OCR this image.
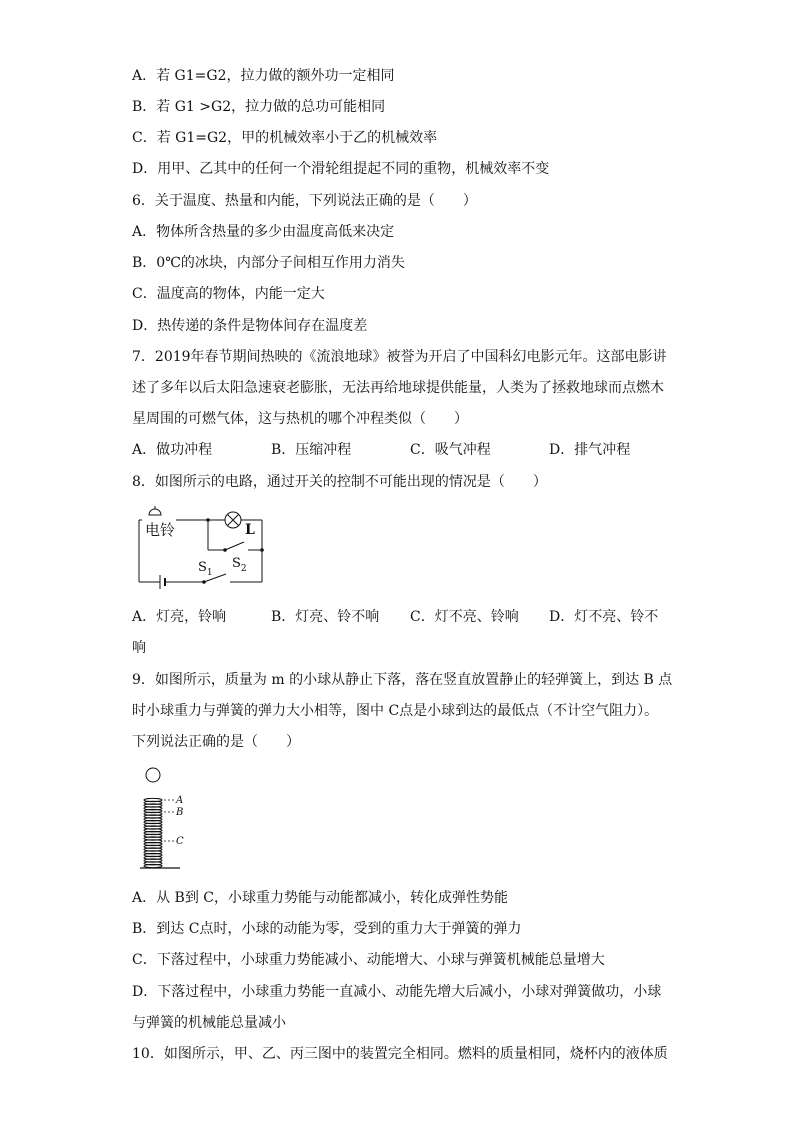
A．若 G1=G2，拉力做的额外功一定相同
B．若 G1 >G2，拉力做的总功可能相同
C．若 G1=G2，甲的机械效率小于乙的机械效率
D．用甲、乙其中的任何一个滑轮组提起不同的重物，机械效率不变
6．关于温度、热量和内能，下列说法正确的是（　　）
A．物体所含热量的多少由温度高低来决定
B．0℃的冰块，内部分子间相互作用力消失
C．温度高的物体，内能一定大
D．热传递的条件是物体间存在温度差
7．2019年春节期间热映的《流浪地球》被誉为开启了中国科幻电影元年。这部电影讲
述了多年以后太阳急速衰老膨胀，无法再给地球提供能量，人类为了拯救地球而点燃木
星周围的可燃气体，这与热机的哪个冲程类似（　　）
A．做功冲程	B．压缩冲程	C．吸气冲程	D．排气冲程
8．如图所示的电路，通过开关的控制不可能出现的情况是（　　）
电铃	L
$S_2$
$S_1$
A．灯亮，铃响	B．灯亮、铃不响 C．灯不亮、铃响 D．灯不亮、铃不
响
9．如图所示，质量为 m 的小球从静止下落，落在竖直放置静止的轻弹簧上，到达 B 点
时小球重力与弹簧的弹力大小相等，图中 C点是小球到达的最低点（不计空气阻力）。
下列说法正确的是（　　）
A
B
C
A．从 B到 C，小球重力势能与动能都减小，转化成弹性势能
B．到达 C点时，小球的动能为零，受到的重力大于弹簧的弹力
C．下落过程中，小球重力势能减小、动能增大、小球与弹簧机械能总量增大
D．下落过程中，小球重力势能一直减小、动能先增大后减小，小球对弹簧做功，小球
与弹簧的机械能总量减小
10．如图所示，甲、乙、丙三图中的装置完全相同。燃料的质量相同，烧杯内的液体质
